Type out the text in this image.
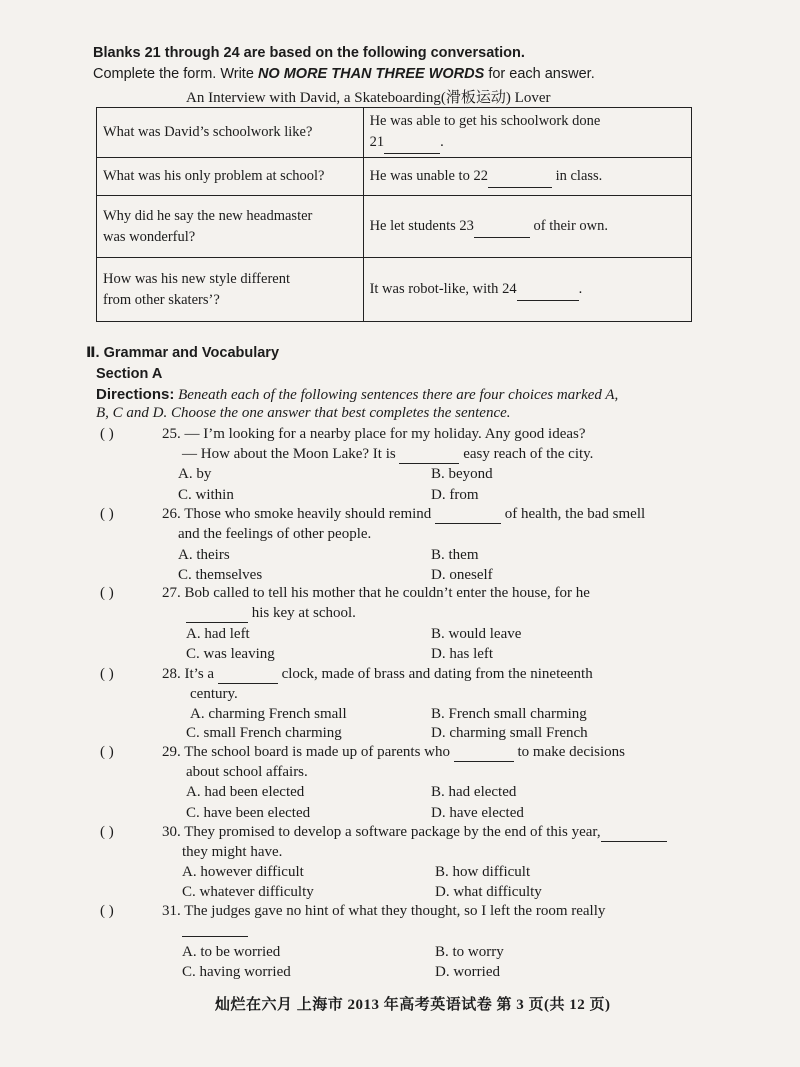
Blanks 21 through 24 are based on the following conversation.
Complete the form. Write NO MORE THAN THREE WORDS for each answer.
An Interview with David, a Skateboarding(滑板运动) Lover
What was David’s schoolwork like?	He was able to get his schoolwork done
21 .

What was his only problem at school?	He was unable to 22 in class.

Why did he say the new headmaster
was wonderful?	He let students 23 of their own.

How was his new style different
from other skaters’?	It was robot-like, with 24 .
Ⅱ. Grammar and Vocabulary
Section A
Directions: Beneath each of the following sentences there are four choices marked A,
B, C and D. Choose the one answer that best completes the sentence.
( )	25. — I’m looking for a nearby place for my holiday. Any good ideas?
— How about the Moon Lake? It is	easy reach of the city.
A. by	B. beyond
C. within	D. from
( )	26. Those who smoke heavily should remind	of health, the bad smell
and the feelings of other people.
A. theirs	B. them
C. themselves	D. oneself
( )	27. Bob called to tell his mother that he couldn’t enter the house, for he
his key at school.
A. had left	B. would leave
C. was leaving	D. has left
( )	28. It’s a	clock, made of brass and dating from the nineteenth
century.
A. charming French small	B. French small charming
C. small French charming	D. charming small French
( )	29. The school board is made up of parents who	to make decisions
about school affairs.
A. had been elected	B. had elected
C. have been elected	D. have elected
( )	30. They promised to develop a software package by the end of this year,
they might have.
A. however difficult	B. how difficult
C. whatever difficulty	D. what difficulty
( )	31. The judges gave no hint of what they thought, so I left the room really
A. to be worried	B. to worry
C. having worried	D. worried
灿烂在六月 上海市 2013 年高考英语试卷 第 3 页(共 12 页)
